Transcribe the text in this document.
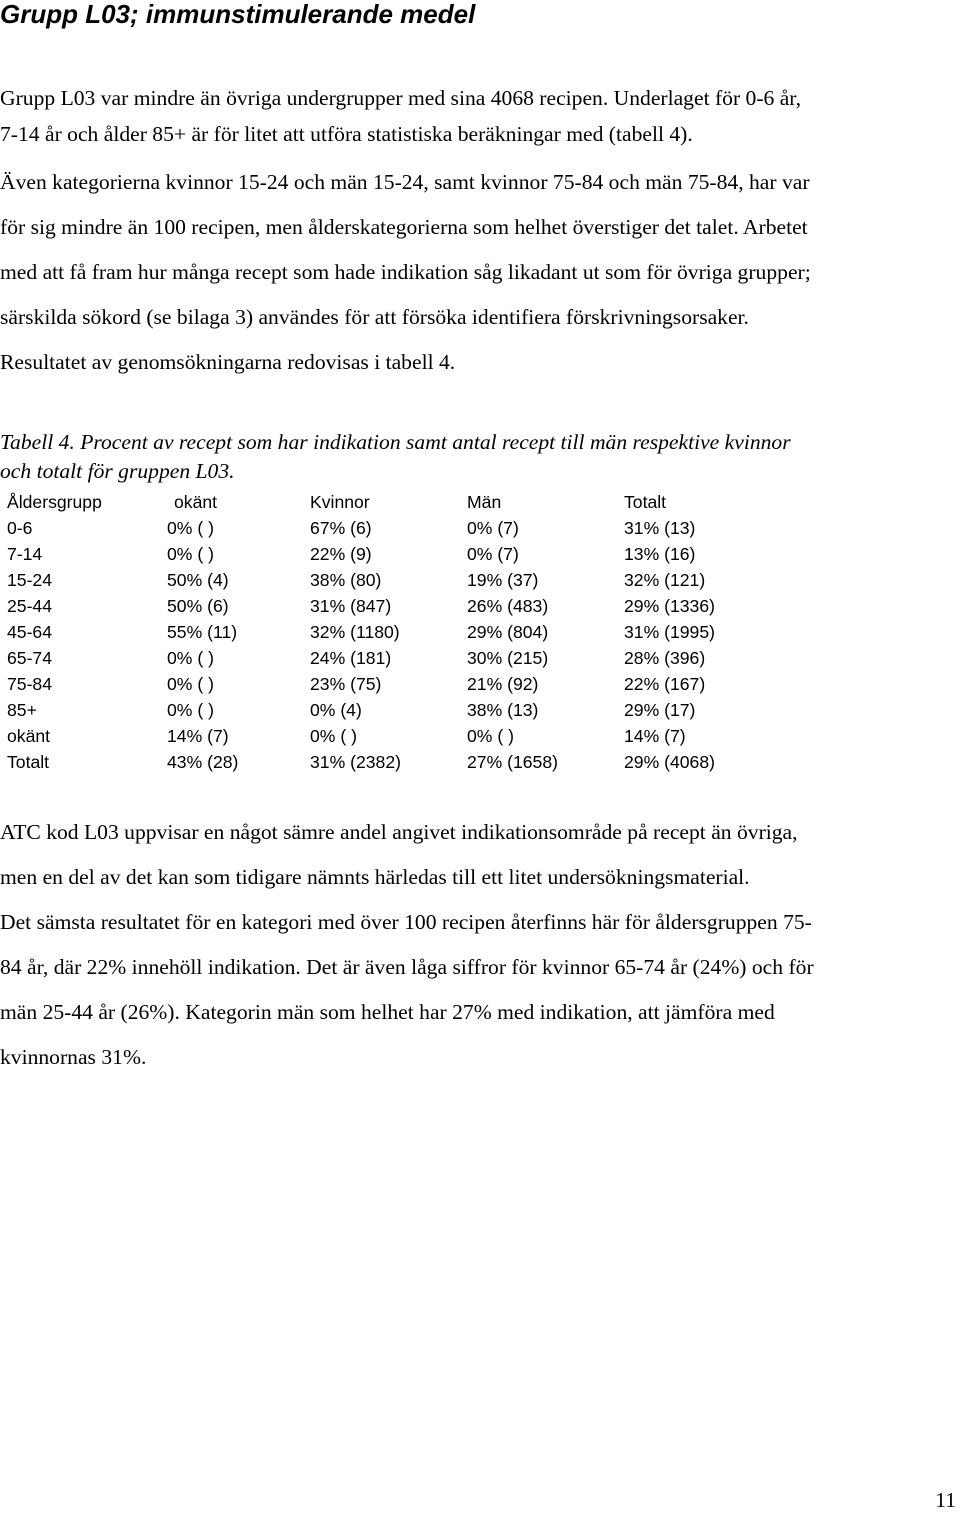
Grupp L03; immunstimulerande medel
Grupp L03 var mindre än övriga undergrupper med sina 4068 recipen. Underlaget för 0-6 år,
7-14 år och ålder 85+ är för litet att utföra statistiska beräkningar med (tabell 4).
Även kategorierna kvinnor 15-24 och män 15-24, samt kvinnor 75-84 och män 75-84, har var
för sig mindre än 100 recipen, men ålderskategorierna som helhet överstiger det talet. Arbetet
med att få fram hur många recept som hade indikation såg likadant ut som för övriga grupper;
särskilda sökord (se bilaga 3) användes för att försöka identifiera förskrivningsorsaker.
Resultatet av genomsökningarna redovisas i tabell 4.
Tabell 4. Procent av recept som har indikation samt antal recept till män respektive kvinnor
och totalt för gruppen L03.
Åldersgrupp	okänt	Kvinnor	Män	Totalt
0-6	0% ( )	67% (6)	0% (7)	31% (13)
7-14	0% ( )	22% (9)	0% (7)	13% (16)
15-24	50% (4)	38% (80)	19% (37)	32% (121)
25-44	50% (6)	31% (847)	26% (483)	29% (1336)
45-64	55% (11)	32% (1180)	29% (804)	31% (1995)
65-74	0% ( )	24% (181)	30% (215)	28% (396)
75-84	0% ( )	23% (75)	21% (92)	22% (167)
85+	0% ( )	0% (4)	38% (13)	29% (17)
okänt	14% (7)	0% ( )	0% ( )	14% (7)
Totalt	43% (28)	31% (2382)	27% (1658)	29% (4068)
ATC kod L03 uppvisar en något sämre andel angivet indikationsområde på recept än övriga,
men en del av det kan som tidigare nämnts härledas till ett litet undersökningsmaterial.
Det sämsta resultatet för en kategori med över 100 recipen återfinns här för åldersgruppen 75-
84 år, där 22% innehöll indikation. Det är även låga siffror för kvinnor 65-74 år (24%) och för
män 25-44 år (26%). Kategorin män som helhet har 27% med indikation, att jämföra med
kvinnornas 31%.
11
